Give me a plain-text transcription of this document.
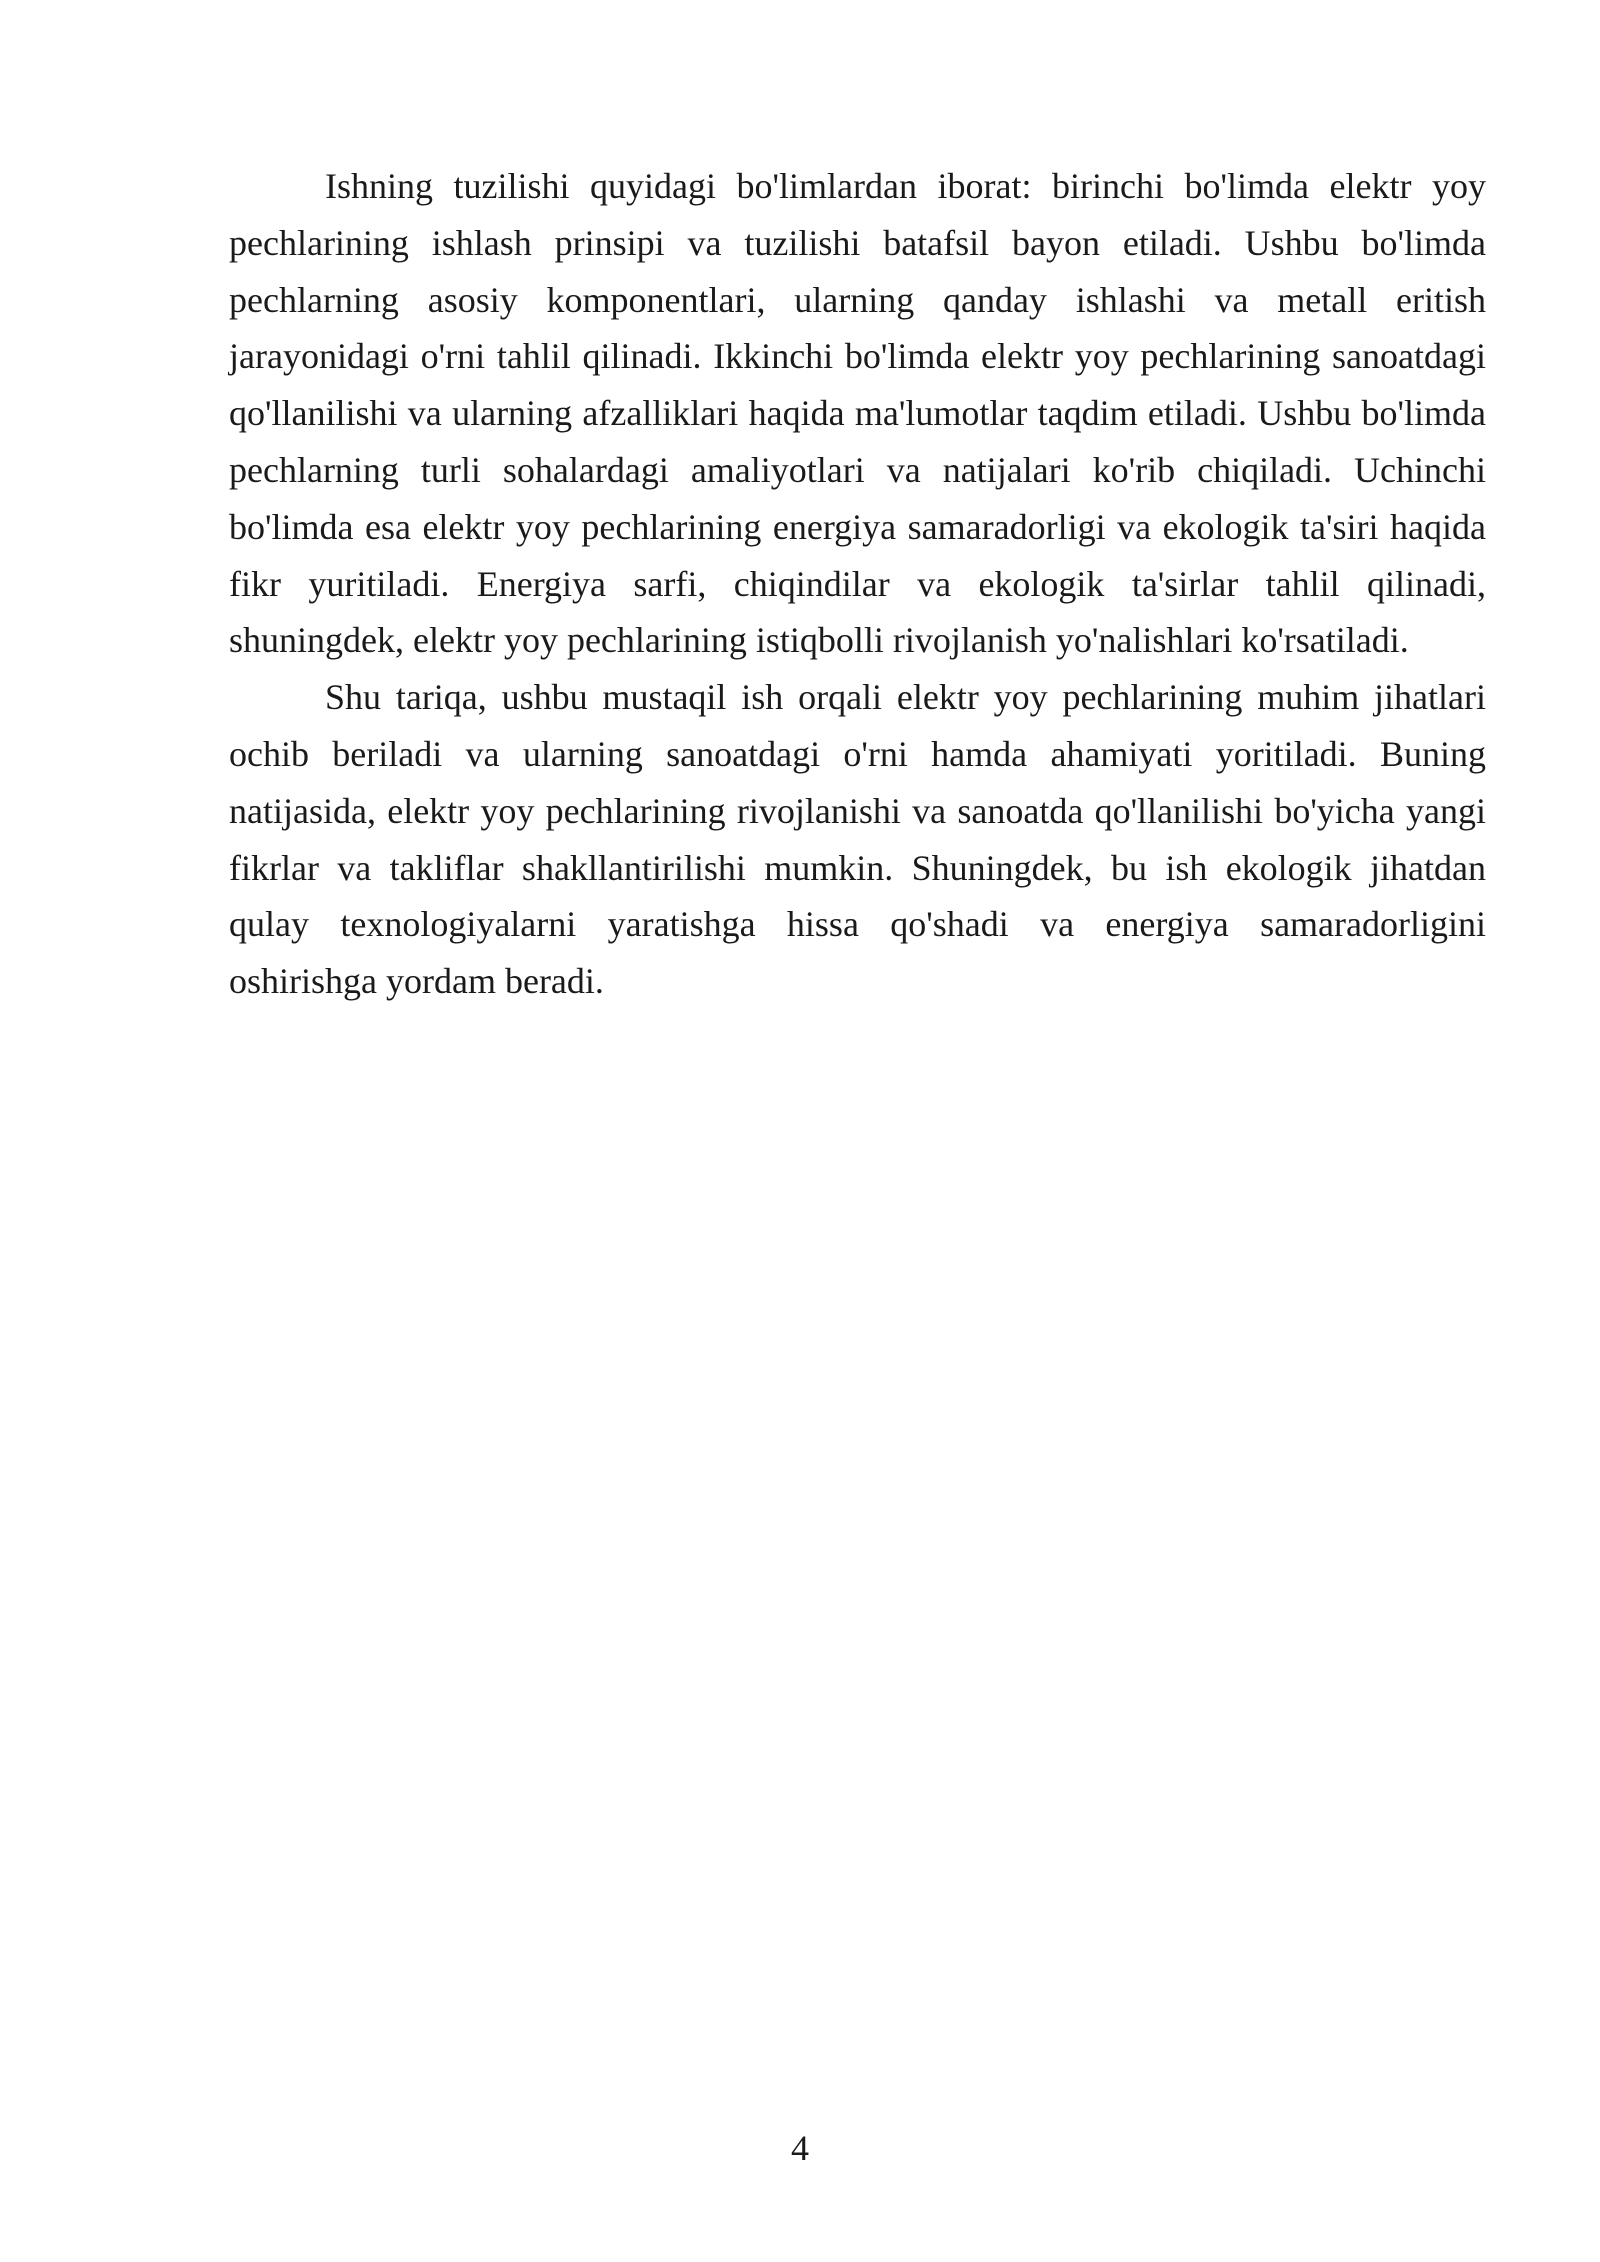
Ishning tuzilishi quyidagi bo'limlardan iborat: birinchi bo'limda elektr yoy pechlarining ishlash prinsipi va tuzilishi batafsil bayon etiladi. Ushbu bo'limda pechlarning asosiy komponentlari, ularning qanday ishlashi va metall eritish jarayonidagi o'rni tahlil qilinadi. Ikkinchi bo'limda elektr yoy pechlarining sanoatdagi qo'llanilishi va ularning afzalliklari haqida ma'lumotlar taqdim etiladi. Ushbu bo'limda pechlarning turli sohalardagi amaliyotlari va natijalari ko'rib chiqiladi. Uchinchi bo'limda esa elektr yoy pechlarining energiya samaradorligi va ekologik ta'siri haqida fikr yuritiladi. Energiya sarfi, chiqindilar va ekologik ta'sirlar tahlil qilinadi, shuningdek, elektr yoy pechlarining istiqbolli rivojlanish yo'nalishlari ko'rsatiladi.

Shu tariqa, ushbu mustaqil ish orqali elektr yoy pechlarining muhim jihatlari ochib beriladi va ularning sanoatdagi o'rni hamda ahamiyati yoritiladi. Buning natijasida, elektr yoy pechlarining rivojlanishi va sanoatda qo'llanilishi bo'yicha yangi fikrlar va takliflar shakllantirilishi mumkin. Shuningdek, bu ish ekologik jihatdan qulay texnologiyalarni yaratishga hissa qo'shadi va energiya samaradorligini oshirishga yordam beradi.

4
